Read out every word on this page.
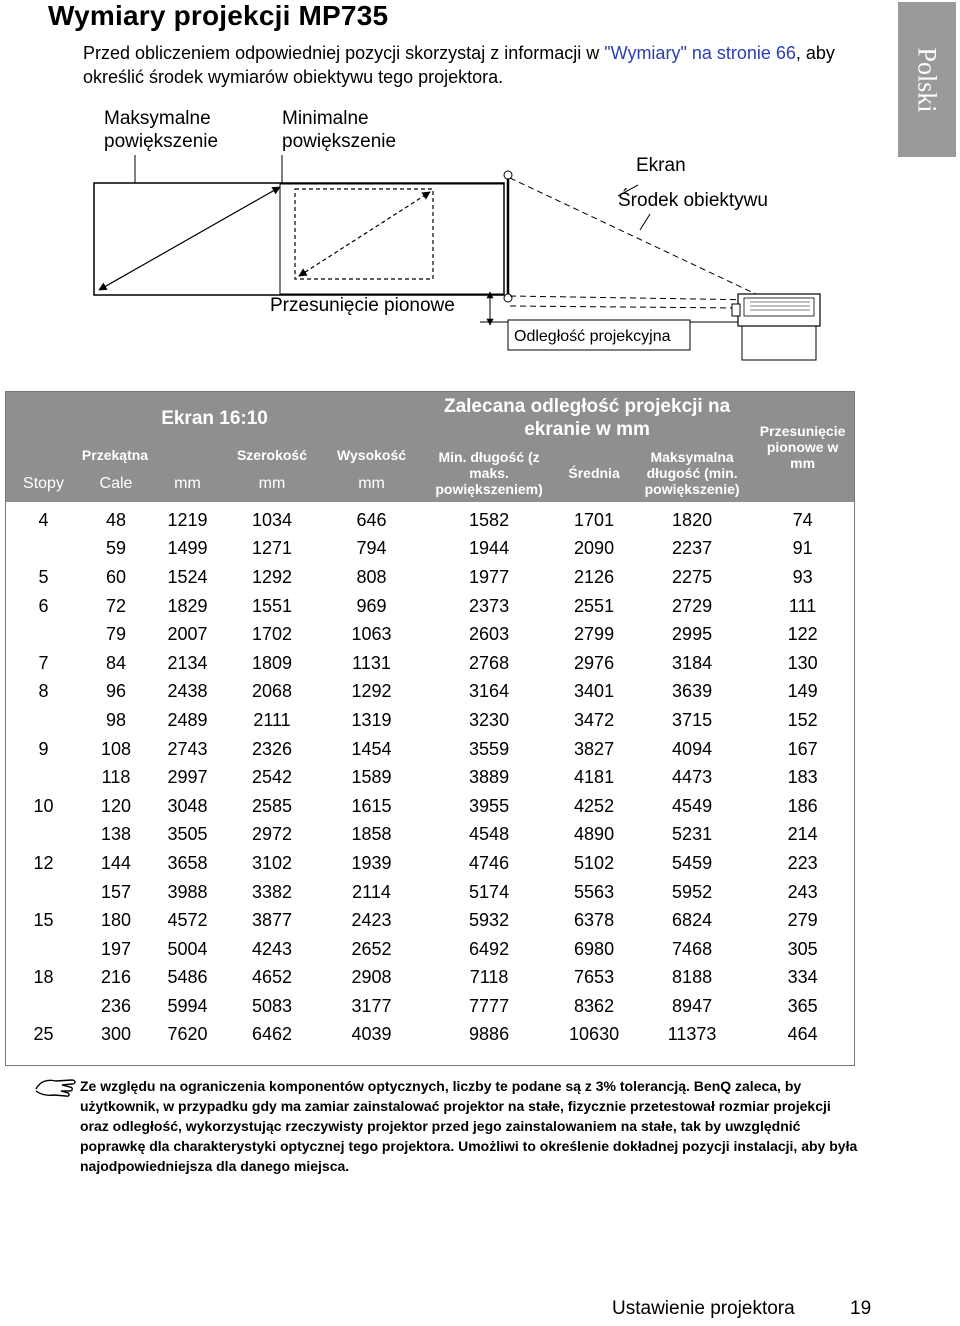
Wymiary projekcji MP735
Przed obliczeniem odpowiedniej pozycji skorzystaj z informacji w "Wymiary" na stronie 66, aby określić środek wymiarów obiektywu tego projektora.	Polski
Maksymalne powiększenie
Minimalne powiększenie
Ekran
Środek obiektywu
Przesunięcie pionowe
Odległość projekcyjna
Ekran 16:10					Zalecana odległość projekcji na ekranie w mm			Przesunięcie pionowe w mm
Przekątna			Szerokość	Wysokość	Min. długość (z maks. powiększeniem)	Średnia	Maksymalna długość (min. powiększenie)	
Stopy	Cale	mm	mm	mm				
4	48	1219	1034	646	1582	1701	1820	74
	59	1499	1271	794	1944	2090	2237	91
5	60	1524	1292	808	1977	2126	2275	93
6	72	1829	1551	969	2373	2551	2729	111
	79	2007	1702	1063	2603	2799	2995	122
7	84	2134	1809	1131	2768	2976	3184	130
8	96	2438	2068	1292	3164	3401	3639	149
	98	2489	2111	1319	3230	3472	3715	152
9	108	2743	2326	1454	3559	3827	4094	167
	118	2997	2542	1589	3889	4181	4473	183
10	120	3048	2585	1615	3955	4252	4549	186
	138	3505	2972	1858	4548	4890	5231	214
12	144	3658	3102	1939	4746	5102	5459	223
	157	3988	3382	2114	5174	5563	5952	243
15	180	4572	3877	2423	5932	6378	6824	279
	197	5004	4243	2652	6492	6980	7468	305
18	216	5486	4652	2908	7118	7653	8188	334
	236	5994	5083	3177	7777	8362	8947	365
25	300	7620	6462	4039	9886	10630	11373	464
Ze względu na ograniczenia komponentów optycznych, liczby te podane są z 3% tolerancją. BenQ zaleca, by użytkownik, w przypadku gdy ma zamiar zainstalować projektor na stałe, fizycznie przetestował rozmiar projekcji oraz odległość, wykorzystując rzeczywisty projektor przed jego zainstalowaniem na stałe, tak by uwzględnić poprawkę dla charakterystyki optycznej tego projektora. Umożliwi to określenie dokładnej pozycji instalacji, aby była najodpowiedniejsza dla danego miejsca.
Ustawienie projektora	19
